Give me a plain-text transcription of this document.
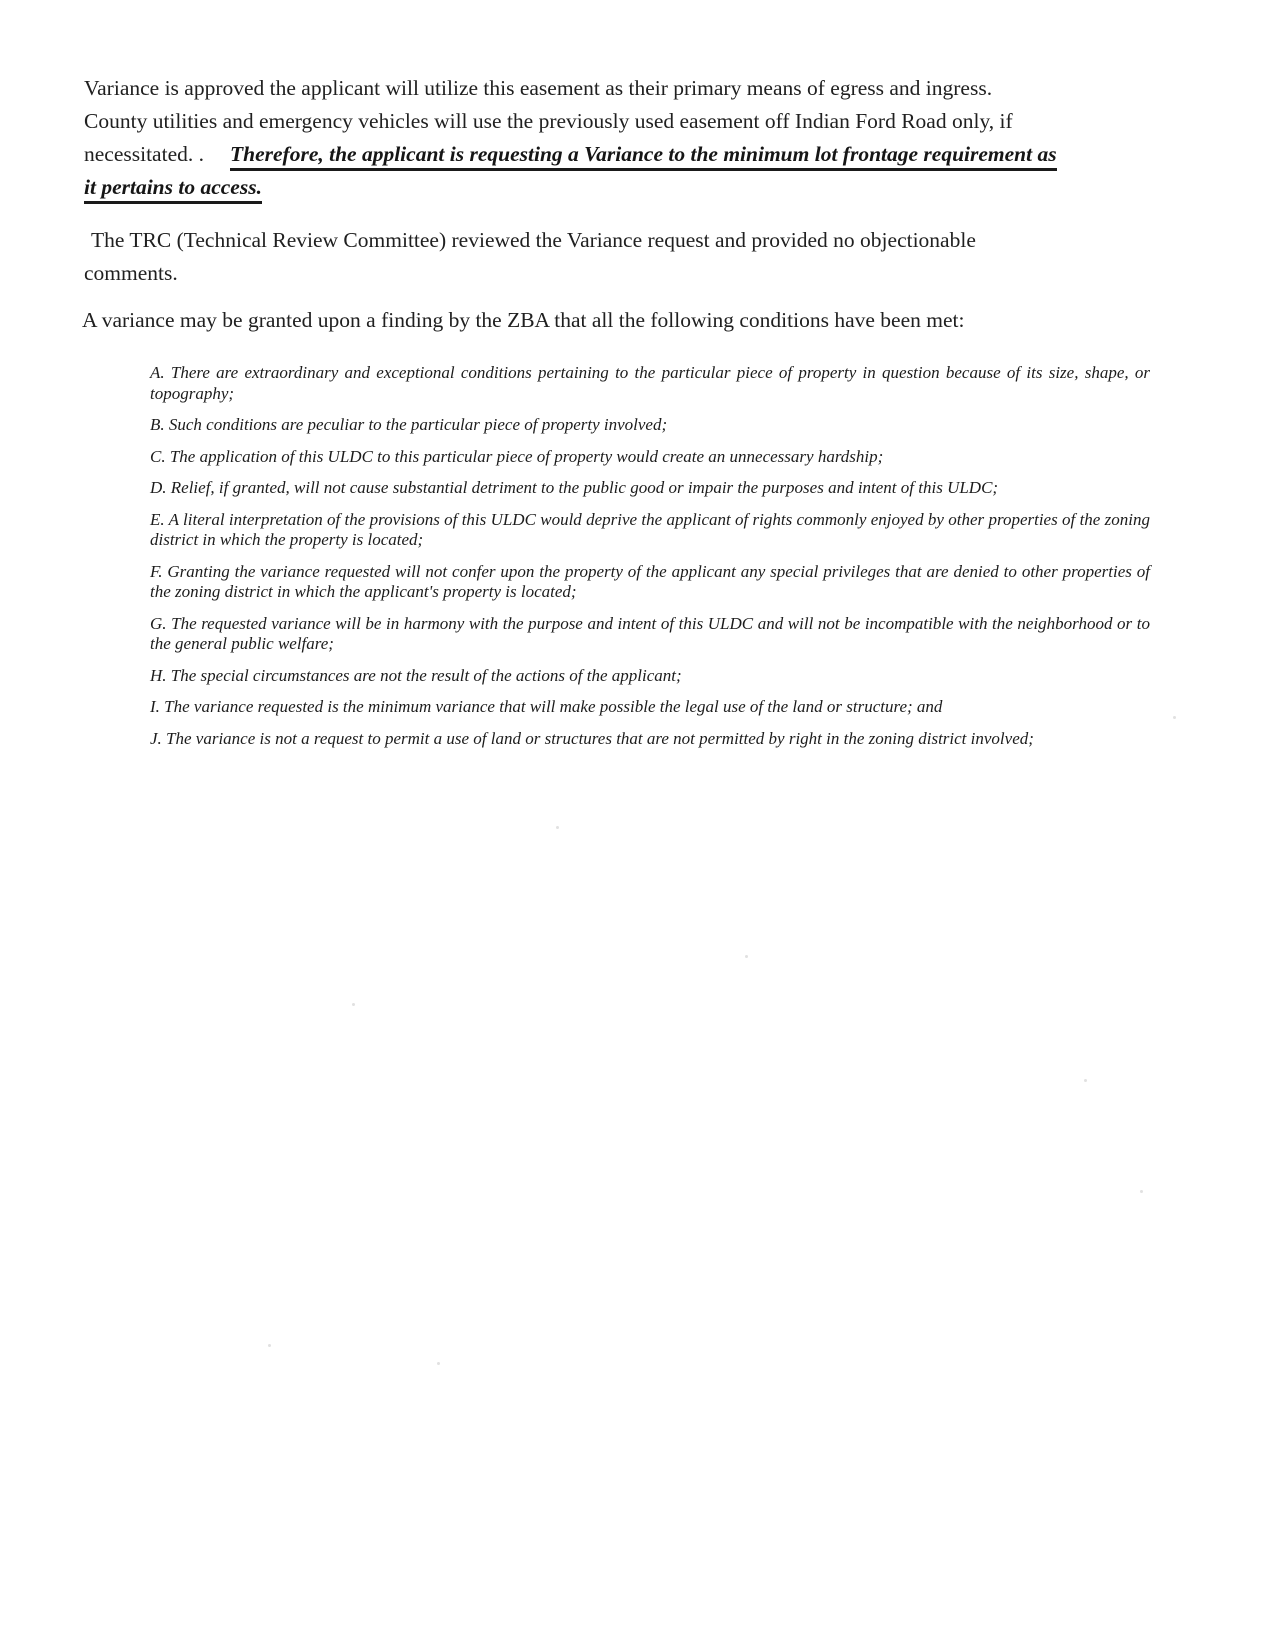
Variance is approved the applicant will utilize this easement as their primary means of egress and ingress.
County utilities and emergency vehicles will use the previously used easement off Indian Ford Road only, if
necessitated. . Therefore, the applicant is requesting a Variance to the minimum lot frontage requirement as
it pertains to access.
The TRC (Technical Review Committee) reviewed the Variance request and provided no objectionable
comments.
A variance may be granted upon a finding by the ZBA that all the following conditions have been met:
A. There are extraordinary and exceptional conditions pertaining to the particular piece of property in question because of its size, shape, or topography;
B. Such conditions are peculiar to the particular piece of property involved;
C. The application of this ULDC to this particular piece of property would create an unnecessary hardship;
D. Relief, if granted, will not cause substantial detriment to the public good or impair the purposes and intent of this ULDC;
E. A literal interpretation of the provisions of this ULDC would deprive the applicant of rights commonly enjoyed by other properties of the zoning district in which the property is located;
F. Granting the variance requested will not confer upon the property of the applicant any special privileges that are denied to other properties of the zoning district in which the applicant's property is located;
G. The requested variance will be in harmony with the purpose and intent of this ULDC and will not be incompatible with the neighborhood or to the general public welfare;
H. The special circumstances are not the result of the actions of the applicant;
I. The variance requested is the minimum variance that will make possible the legal use of the land or structure; and
J. The variance is not a request to permit a use of land or structures that are not permitted by right in the zoning district involved;
